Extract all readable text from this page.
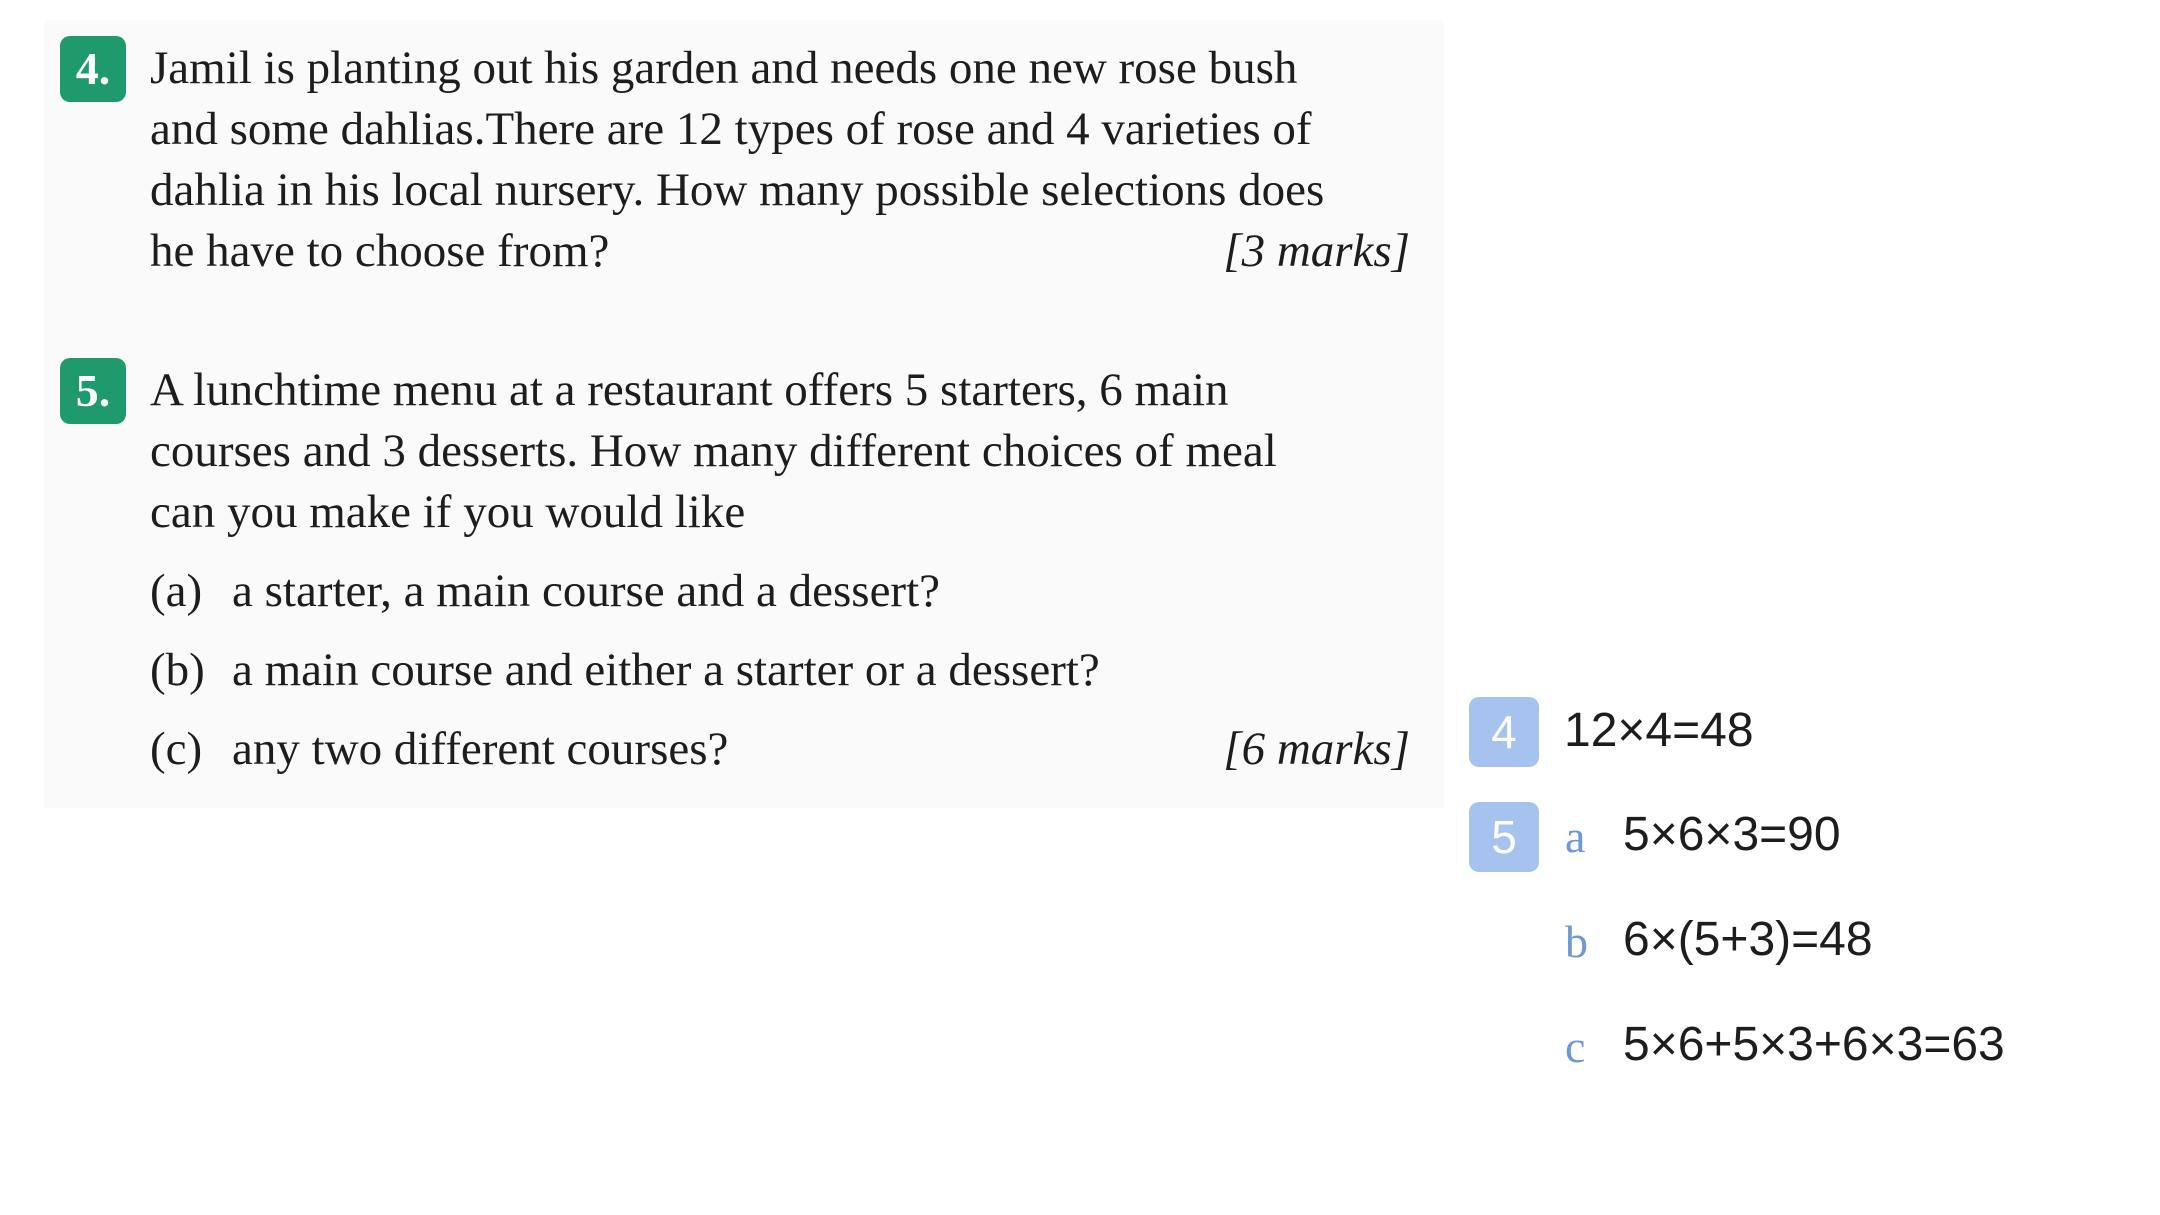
4. Jamil is planting out his garden and needs one new rose bush
and some dahlias.There are 12 types of rose and 4 varieties of
dahlia in his local nursery. How many possible selections does
he have to choose from?	[3 marks]
5. A lunchtime menu at a restaurant offers 5 starters, 6 main
courses and 3 desserts. How many different choices of meal
can you make if you would like
(a) a starter, a main course and a dessert?
(b) a main course and either a starter or a dessert?
(c) any two different courses?	[6 marks]	4 12×4=48
5	a 5×6×3=90
b 6×(5+3)=48
c 5×6+5×3+6×3=63
